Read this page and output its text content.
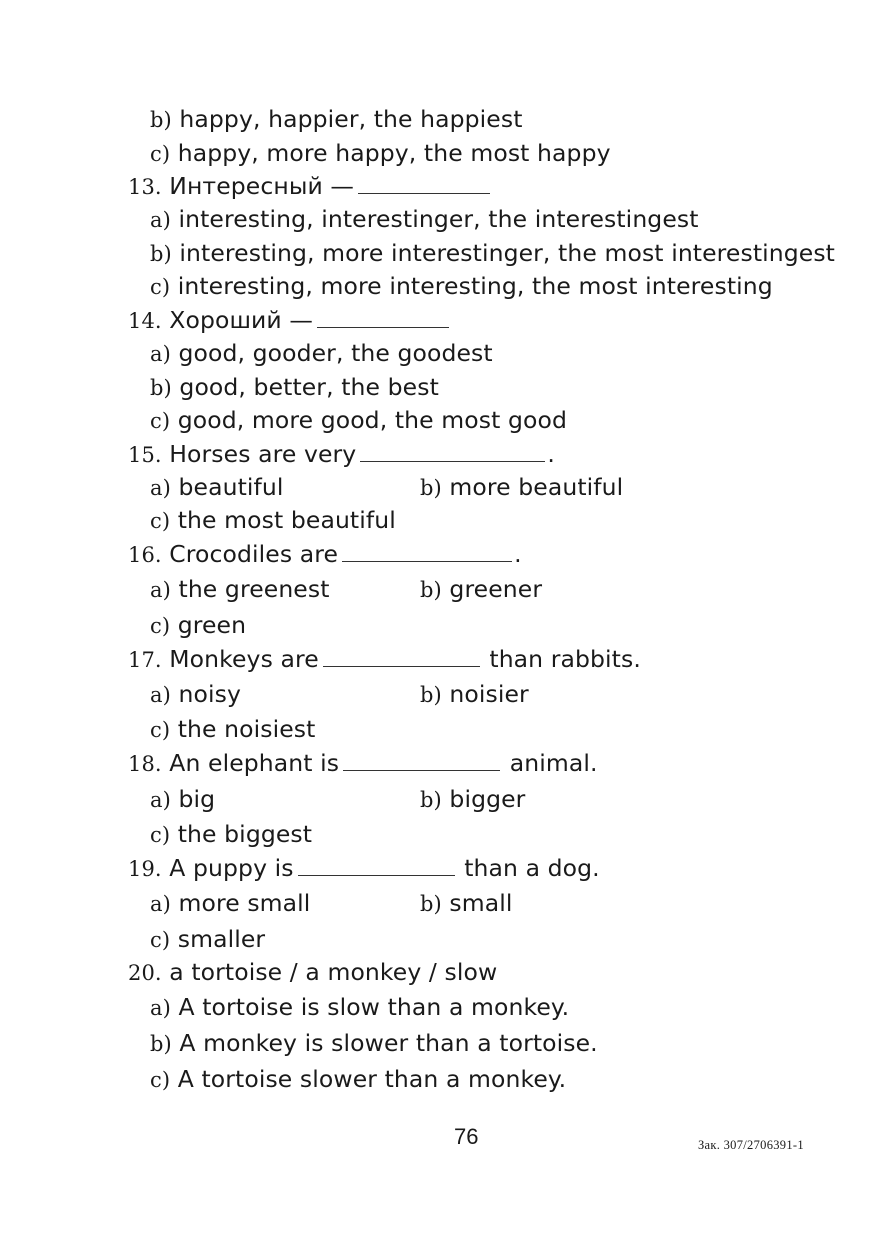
b) happy, happier, the happiest
c) happy, more happy, the most happy
13. Интересный —
a) interesting, interestinger, the interestingest
b) interesting, more interestinger, the most interestingest
c) interesting, more interesting, the most interesting
14. Хороший —
a) good, gooder, the goodest
b) good, better, the best
c) good, more good, the most good
15. Horses are very	.
a) beautiful	b) more beautiful
c) the most beautiful
16. Crocodiles are	.
a) the greenest	b) greener
c) green
17. Monkeys are	than rabbits.
a) noisy	b) noisier
c) the noisiest
18. An elephant is	animal.
a) big	b) bigger
c) the biggest
19. A puppy is	than a dog.
a) more small	b) small
c) smaller
20. a tortoise / a monkey / slow
a) A tortoise is slow than a monkey.
b) A monkey is slower than a tortoise.
c) A tortoise slower than a monkey.
76	Зак. 307/2706391-1
